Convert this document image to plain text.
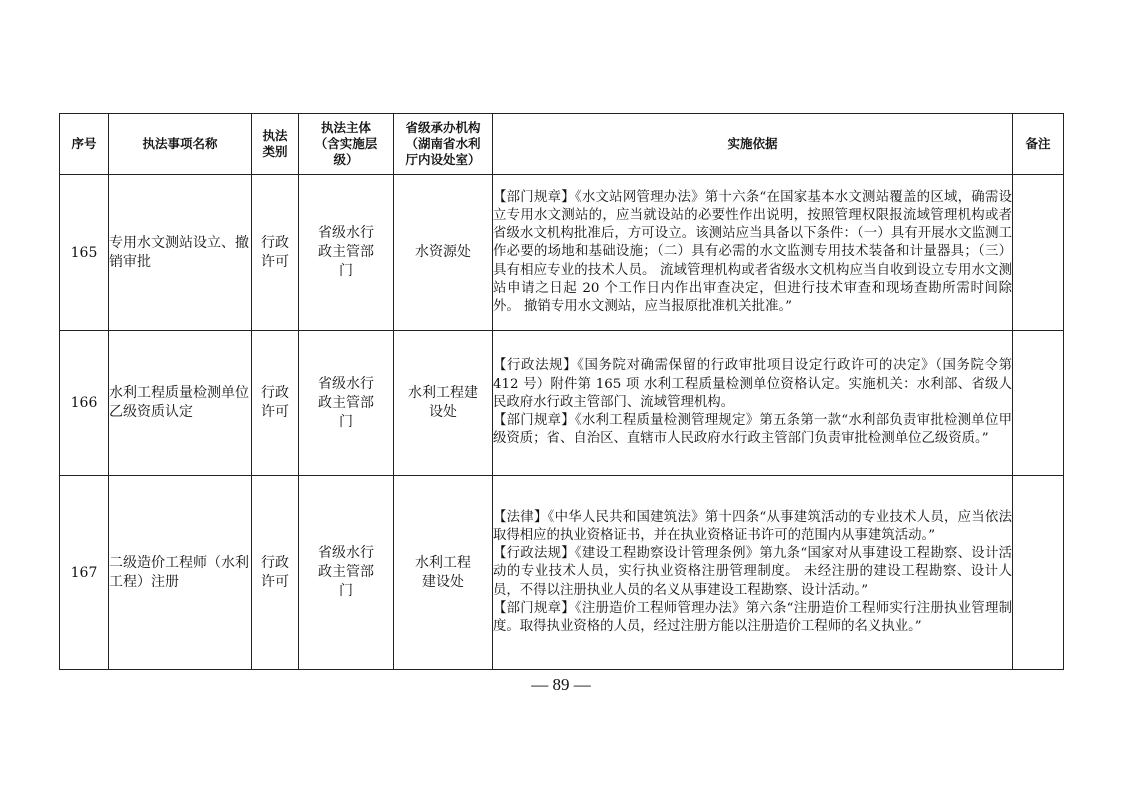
序号	执法事项名称	执法类别	执法主体（含实施层级）	省级承办机构（湖南省水利厅内设处室）	实施依据	备注
165	专用水文测站设立、撤销审批	行政许可	省级水行政主管部门	水资源处	【部门规章】《水文站网管理办法》第十六条“在国家基本水文测站覆盖的区域，确需设立专用水文测站的，应当就设站的必要性作出说明，按照管理权限报流域管理机构或者省级水文机构批准后，方可设立。该测站应当具备以下条件：（一）具有开展水文监测工作必要的场地和基础设施；（二）具有必需的水文监测专用技术装备和计量器具；（三）具有相应专业的技术人员。 流域管理机构或者省级水文机构应当自收到设立专用水文测站申请之日起 20 个工作日内作出审查决定，但进行技术审查和现场查勘所需时间除外。 撤销专用水文测站，应当报原批准机关批准。”	

166	水利工程质量检测单位乙级资质认定	行政许可	省级水行政主管部门	水利工程建设处	【行政法规】《国务院对确需保留的行政审批项目设定行政许可的决定》（国务院令第 412 号）附件第 165 项 水利工程质量检测单位资格认定。实施机关：水利部、省级人民政府水行政主管部门、流域管理机构。

【部门规章】《水利工程质量检测管理规定》第五条第一款“水利部负责审批检测单位甲级资质；省、自治区、直辖市人民政府水行政主管部门负责审批检测单位乙级资质。”	

167	二级造价工程师（水利工程）注册	行政许可	省级水行政主管部门	水利工程建设处	【法律】《中华人民共和国建筑法》第十四条“从事建筑活动的专业技术人员，应当依法取得相应的执业资格证书，并在执业资格证书许可的范围内从事建筑活动。”

【行政法规】《建设工程勘察设计管理条例》第九条“国家对从事建设工程勘察、设计活动的专业技术人员，实行执业资格注册管理制度。 未经注册的建设工程勘察、设计人员，不得以注册执业人员的名义从事建设工程勘察、设计活动。”

【部门规章】《注册造价工程师管理办法》第六条“注册造价工程师实行注册执业管理制度。取得执业资格的人员，经过注册方能以注册造价工程师的名义执业。”	

— 89 —
